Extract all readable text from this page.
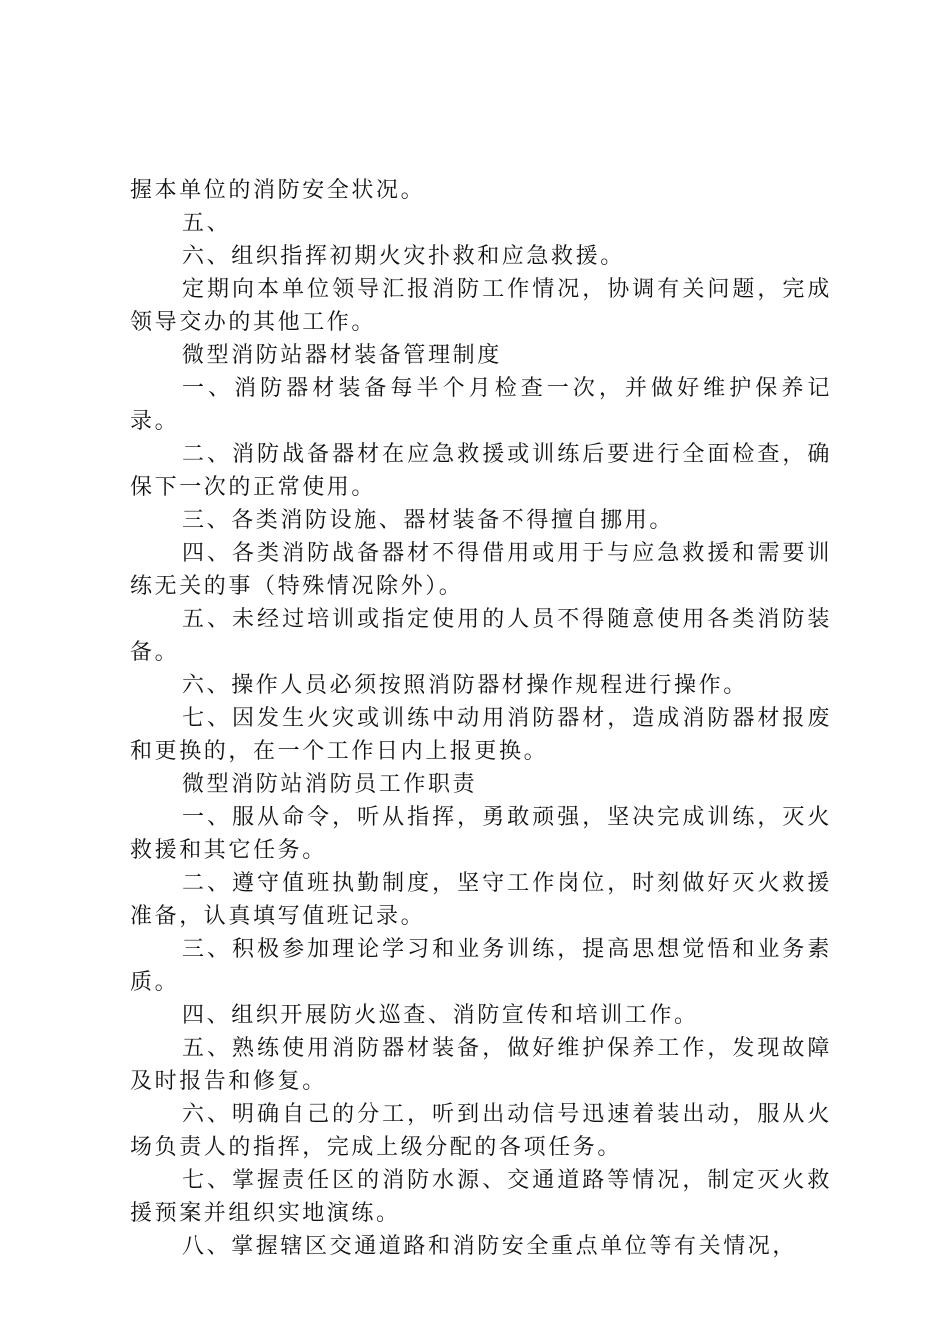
握本单位的消防安全状况。

五、

六、组织指挥初期火灾扑救和应急救援。

定期向本单位领导汇报消防工作情况，协调有关问题，完成领导交办的其他工作。

微型消防站器材装备管理制度

一、消防器材装备每半个月检查一次，并做好维护保养记录。

二、消防战备器材在应急救援或训练后要进行全面检查，确保下一次的正常使用。

三、各类消防设施、器材装备不得擅自挪用。

四、各类消防战备器材不得借用或用于与应急救援和需要训练无关的事（特殊情况除外）。

五、未经过培训或指定使用的人员不得随意使用各类消防装备。

六、操作人员必须按照消防器材操作规程进行操作。

七、因发生火灾或训练中动用消防器材，造成消防器材报废和更换的，在一个工作日内上报更换。

微型消防站消防员工作职责

一、服从命令，听从指挥，勇敢顽强，坚决完成训练，灭火救援和其它任务。

二、遵守值班执勤制度，坚守工作岗位，时刻做好灭火救援准备，认真填写值班记录。

三、积极参加理论学习和业务训练，提高思想觉悟和业务素质。

四、组织开展防火巡查、消防宣传和培训工作。

五、熟练使用消防器材装备，做好维护保养工作，发现故障及时报告和修复。

六、明确自己的分工，听到出动信号迅速着装出动，服从火场负责人的指挥，完成上级分配的各项任务。

七、掌握责任区的消防水源、交通道路等情况，制定灭火救援预案并组织实地演练。

八、掌握辖区交通道路和消防安全重点单位等有关情况，
